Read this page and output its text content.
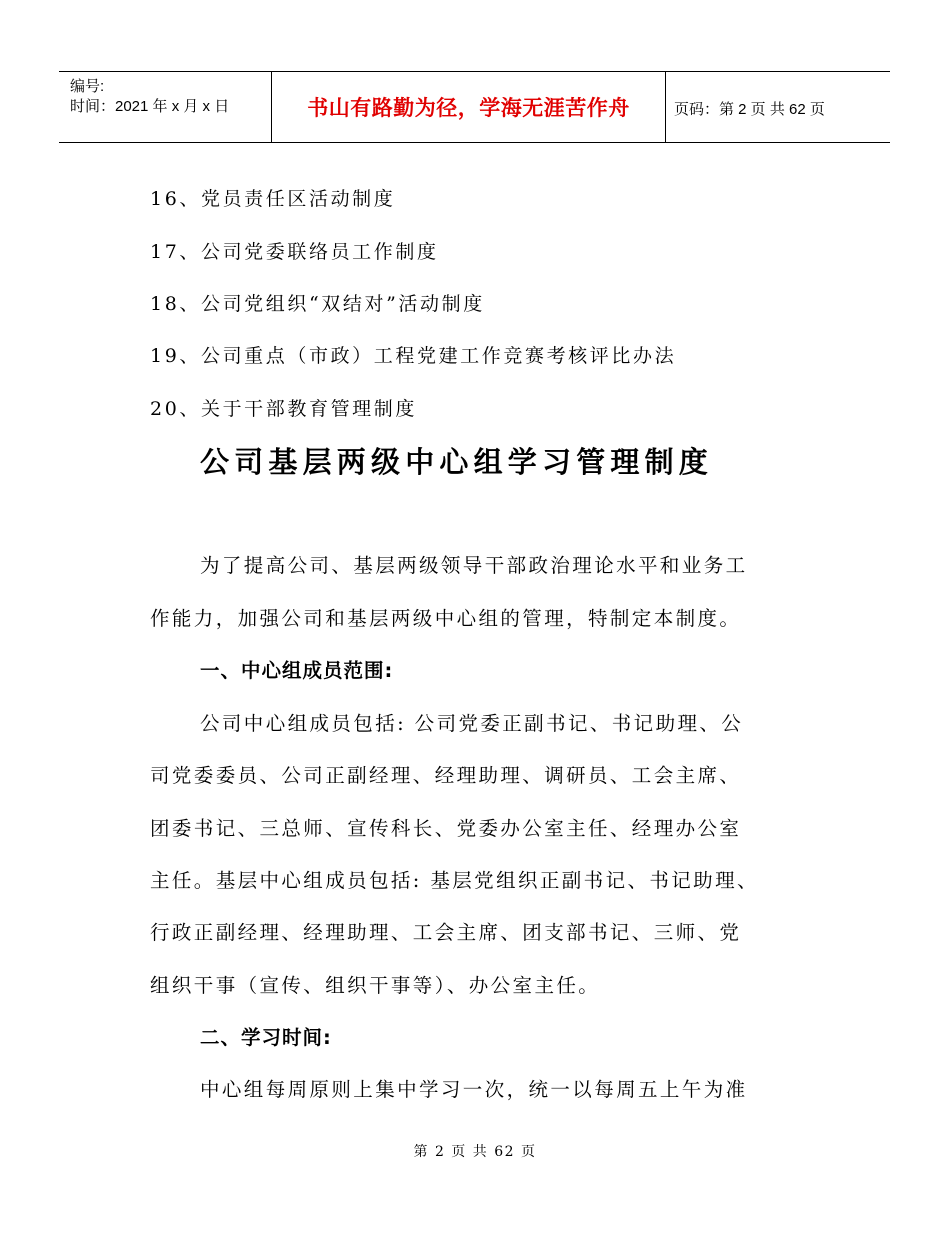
编号:
时间：2021 年 x 月 x 日	书山有路勤为径，学海无涯苦作舟	页码：第 2 页 共 62 页
16、党员责任区活动制度
17、公司党委联络员工作制度
18、公司党组织“双结对”活动制度
19、公司重点（市政）工程党建工作竞赛考核评比办法
20、关于干部教育管理制度
公司基层两级中心组学习管理制度
为了提高公司、基层两级领导干部政治理论水平和业务工
作能力，加强公司和基层两级中心组的管理，特制定本制度。
一、中心组成员范围:
公司中心组成员包括: 公司党委正副书记、书记助理、公
司党委委员、公司正副经理、经理助理、调研员、工会主席、
团委书记、三总师、宣传科长、党委办公室主任、经理办公室
主任。基层中心组成员包括: 基层党组织正副书记、书记助理、
行政正副经理、经理助理、工会主席、团支部书记、三师、党
组织干事（宣传、组织干事等）、办公室主任。
二、学习时间:
中心组每周原则上集中学习一次，统一以每周五上午为准
第 2 页 共 62 页
